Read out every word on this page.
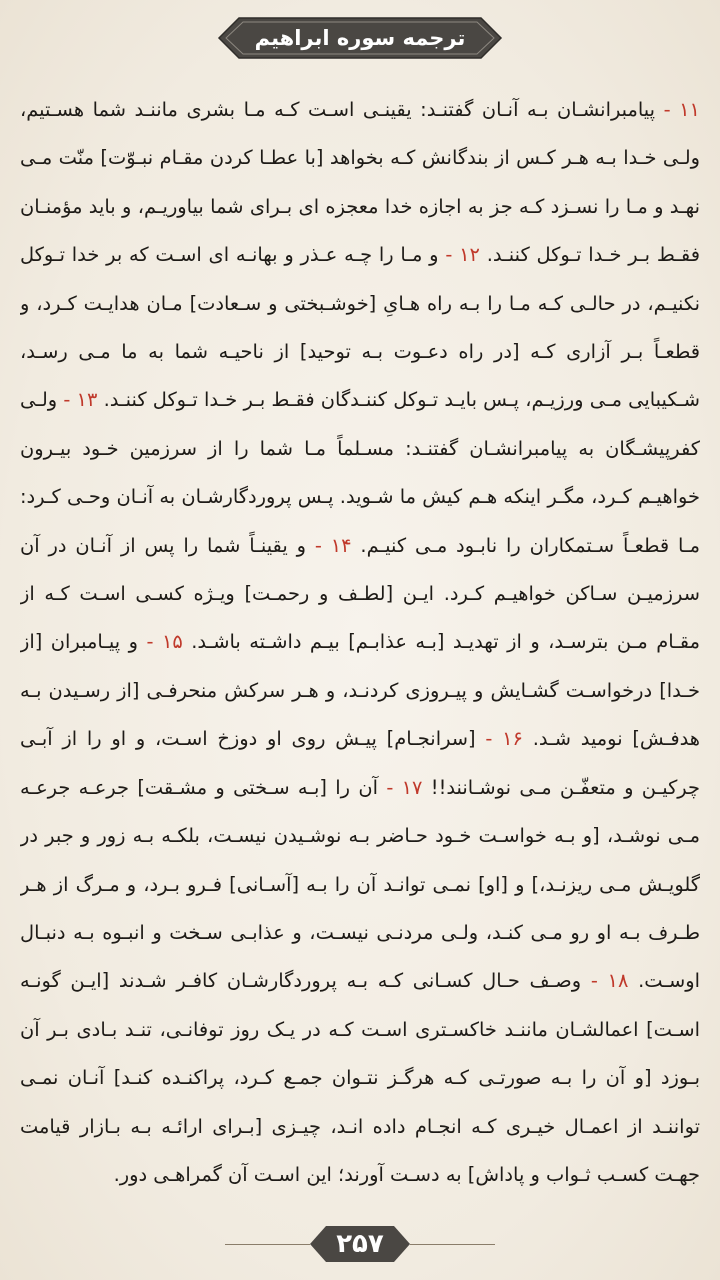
ترجمه سوره ابراهیم
۱۱ - پیامبرانشـان بـه آنـان گفتنـد: یقینـی اسـت کـه مـا بشری ماننـد شما هسـتیم، ولـی خـدا بـه هـر کـس از بندگانش کـه بخواهد [با عطـا کردن مقـام نبـوّت] منّت مـی نهـد و مـا را نسـزد کـه جز به اجازه خدا معجزه ای بـرای شما بیاوریـم، و باید مؤمنـان فقـط بـر خـدا تـوکل کننـد. ۱۲ - و مـا را چـه عـذر و بهانـه ای اسـت که بر خدا تـوکل نکنیـم، در حالـی کـه مـا را بـه راه هـایِ [خوشـبختی و سـعادت] مـان هدایـت کـرد، و قطعـاً بـر آزاری کـه [در راه دعـوت بـه توحید] از ناحیـه شما به ما مـی رسـد، شـکیبایی مـی ورزیـم، پـس بایـد تـوکل کننـدگان فقـط بـر خـدا تـوکل کننـد. ۱۳ - ولـی کفرپیشـگان به پیامبرانشـان گفتنـد: مسـلماً مـا شما را از سرزمین خـود بیـرون خواهیـم کـرد، مگـر اینکه هـم کیش ما شـوید. پـس پروردگارشـان به آنـان وحـی کـرد: مـا قطعـاً سـتمکاران را نابـود مـی کنیـم. ۱۴ - و یقینـاً شما را پس از آنـان در آن سرزمیـن سـاکن خواهیـم کـرد. ایـن [لطـف و رحمـت] ویـژه کسـی اسـت کـه از مقـام مـن بترسـد، و از تهدیـد [بـه عذابـم] بیـم داشـته باشـد. ۱۵ - و پیـامبران [از خـدا] درخواسـت گشـایش و پیـروزی کردنـد، و هـر سرکش منحرفـی [از رسـیدن بـه هدفـش] نومید شـد. ۱۶ - [سرانجـام] پیـش روی او دوزخ اسـت، و او را از آبـی چرکیـن و متعفّـن مـی نوشـانند!! ۱۷ - آن را [بـه سـختی و مشـقت] جرعـه جرعـه مـی نوشـد، [و بـه خواسـت خـود حـاضر بـه نوشـیدن نیسـت، بلکـه بـه زور و جبر در گلویـش مـی ریزنـد،] و [او] نمـی توانـد آن را بـه [آسـانی] فـرو بـرد، و مـرگ از هـر طـرف بـه او رو مـی کنـد، ولـی مردنـی نیسـت، و عذابـی سـخت و انبـوه بـه دنبـال اوسـت. ۱۸ - وصـف حـال کسـانی کـه بـه پروردگارشـان کافـر شـدند [ایـن گونـه اسـت] اعمالشـان ماننـد خاکسـتری اسـت کـه در یـک روز توفانـی، تنـد بـادی بـر آن بـوزد [و آن را بـه صورتـی کـه هرگـز نتـوان جمـع کـرد، پراکنـده کنـد] آنـان نمـی تواننـد از اعمـال خیـری کـه انجـام داده انـد، چیـزی [بـرای ارائـه بـه بـازار قیامت جهـت کسـب ثـواب و پاداش] به دسـت آورند؛ این اسـت آن گمراهـی دور.
۲۵۷
